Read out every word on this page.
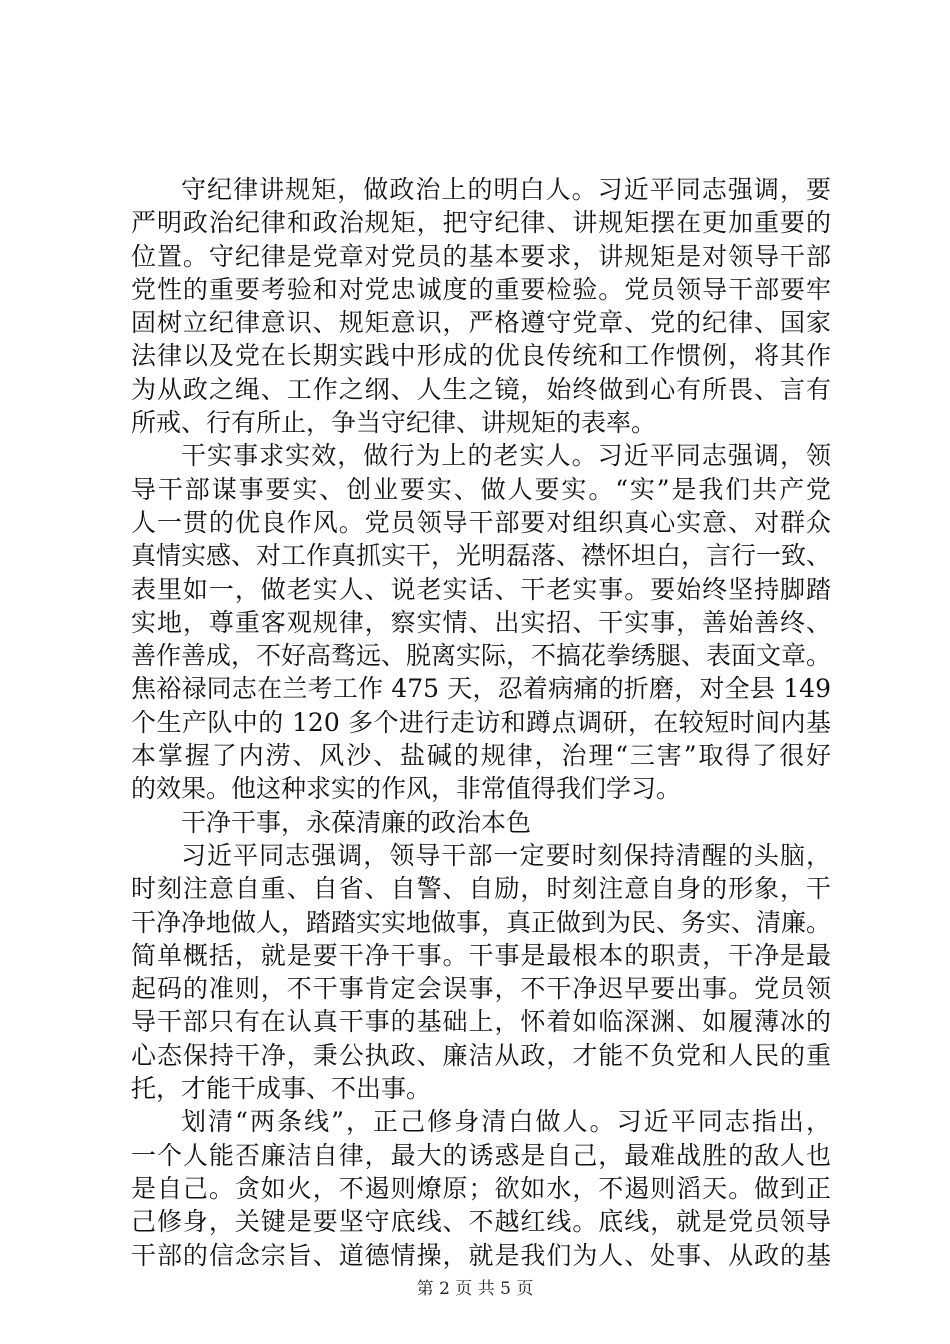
守纪律讲规矩，做政治上的明白人。习近平同志强调，要
严明政治纪律和政治规矩，把守纪律、讲规矩摆在更加重要的
位置。守纪律是党章对党员的基本要求，讲规矩是对领导干部
党性的重要考验和对党忠诚度的重要检验。党员领导干部要牢
固树立纪律意识、规矩意识，严格遵守党章、党的纪律、国家
法律以及党在长期实践中形成的优良传统和工作惯例，将其作
为从政之绳、工作之纲、人生之镜，始终做到心有所畏、言有
所戒、行有所止，争当守纪律、讲规矩的表率。
干实事求实效，做行为上的老实人。习近平同志强调，领
导干部谋事要实、创业要实、做人要实。“实”是我们共产党
人一贯的优良作风。党员领导干部要对组织真心实意、对群众
真情实感、对工作真抓实干，光明磊落、襟怀坦白，言行一致、
表里如一，做老实人、说老实话、干老实事。要始终坚持脚踏
实地，尊重客观规律，察实情、出实招、干实事，善始善终、
善作善成，不好高骛远、脱离实际，不搞花拳绣腿、表面文章。
焦裕禄同志在兰考工作 475 天，忍着病痛的折磨，对全县 149
个生产队中的 120 多个进行走访和蹲点调研，在较短时间内基
本掌握了内涝、风沙、盐碱的规律，治理“三害”取得了很好
的效果。他这种求实的作风，非常值得我们学习。
干净干事，永葆清廉的政治本色
习近平同志强调，领导干部一定要时刻保持清醒的头脑，
时刻注意自重、自省、自警、自励，时刻注意自身的形象，干
干净净地做人，踏踏实实地做事，真正做到为民、务实、清廉。
简单概括，就是要干净干事。干事是最根本的职责，干净是最
起码的准则，不干事肯定会误事，不干净迟早要出事。党员领
导干部只有在认真干事的基础上，怀着如临深渊、如履薄冰的
心态保持干净，秉公执政、廉洁从政，才能不负党和人民的重
托，才能干成事、不出事。
划清“两条线”，正己修身清白做人。习近平同志指出，
一个人能否廉洁自律，最大的诱惑是自己，最难战胜的敌人也
是自己。贪如火，不遏则燎原；欲如水，不遏则滔天。做到正
己修身，关键是要坚守底线、不越红线。底线，就是党员领导
干部的信念宗旨、道德情操，就是我们为人、处事、从政的基
第 2 页 共 5 页
